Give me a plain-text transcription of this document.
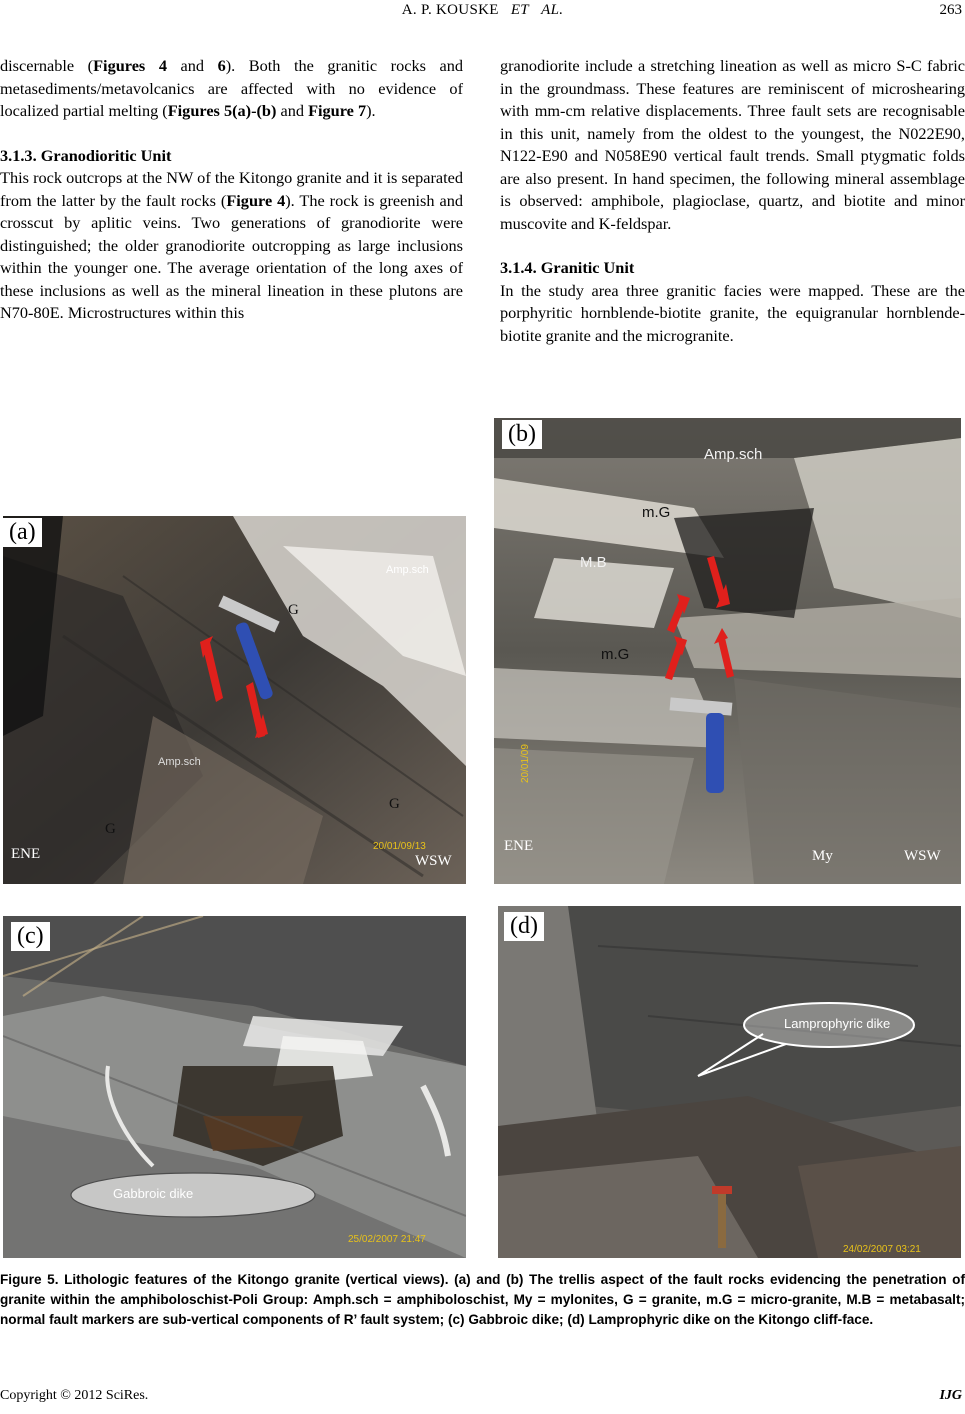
A. P. KOUSKE ET AL.	263

discernable (Figures 4 and 6). Both the granitic rocks and metasediments/metavolcanics are affected with no evidence of localized partial melting (Figures 5(a)-(b) and Figure 7).

3.1.3. Granodioritic Unit

This rock outcrops at the NW of the Kitongo granite and it is separated from the latter by the fault rocks (Figure 4). The rock is greenish and crosscut by aplitic veins. Two generations of granodiorite were distinguished; the older granodiorite outcropping as large inclusions within the younger one. The average orientation of the long axes of these inclusions as well as the mineral lineation in these plutons are N70-80E. Microstructures within this

granodiorite include a stretching lineation as well as micro S-C fabric in the groundmass. These features are reminiscent of microshearing with mm-cm relative displacements. Three fault sets are recognisable in this unit, namely from the oldest to the youngest, the N022E90, N122-E90 and N058E90 vertical fault trends. Small ptygmatic folds are also present. In hand specimen, the following mineral assemblage is observed: amphibole, plagioclase, quartz, and biotite and minor muscovite and K-feldspar.

3.1.4. Granitic Unit

In the study area three granitic facies were mapped. These are the porphyritic hornblende-biotite granite, the equigranular hornblende-biotite granite and the microgranite.

(a)
Amp.sch
G
Amp.sch
G
G
ENE	WSW
20/01/09/13
(b)
Amp.sch
m.G
M.B
m.G
ENE
My	WSW
20/01/09
(c)
Gabbroic dike
25/02/2007 21:47
(d)
Lamprophyric dike
24/02/2007 03:21
Figure 5. Lithologic features of the Kitongo granite (vertical views). (a) and (b) The trellis aspect of the fault rocks evidencing the penetration of granite within the amphiboloschist-Poli Group: Amph.sch = amphiboloschist, My = mylonites, G = granite, m.G = micro-granite, M.B = metabasalt; normal fault markers are sub-vertical components of R’ fault system; (c) Gabbroic dike; (d) Lamprophyric dike on the Kitongo cliff-face.
Copyright © 2012 SciRes.	IJG
